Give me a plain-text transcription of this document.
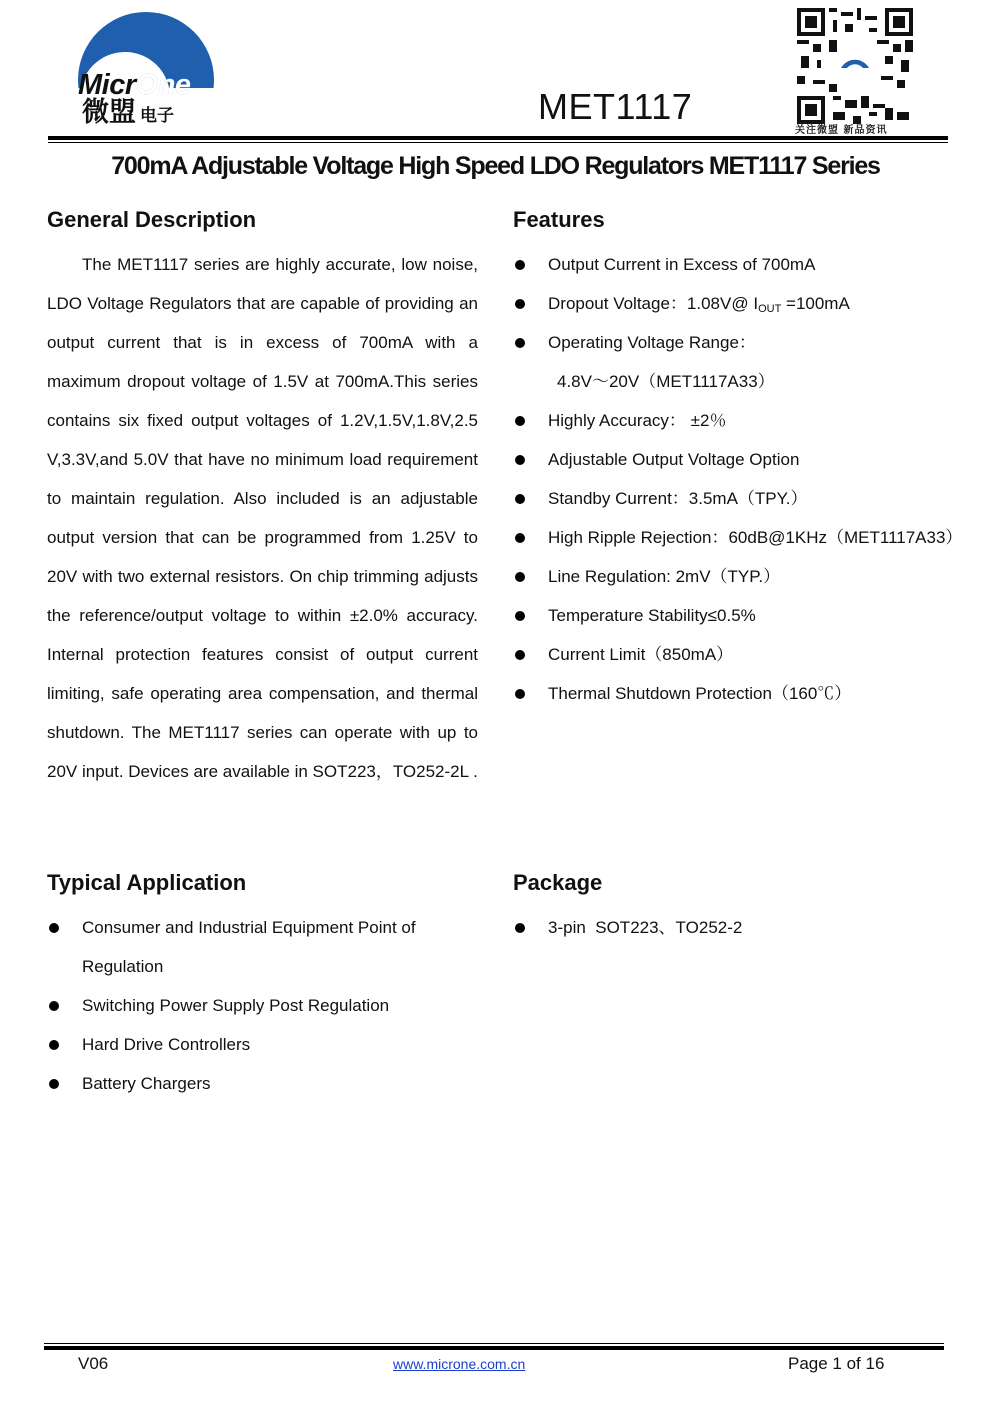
MicrOne
微盟 电子	MET1117
关注微盟 新品资讯
700mA Adjustable Voltage High Speed LDO Regulators MET1117 Series
General Description
The MET1117 series are highly accurate, low noise, LDO Voltage Regulators that are capable of providing an output current that is in excess of 700mA with a maximum dropout voltage of 1.5V at 700mA.This series contains six fixed output voltages of 1.2V,1.5V,1.8V,2.5 V,3.3V,and 5.0V that have no minimum load requirement to maintain regulation. Also included is an adjustable output version that can be programmed from 1.25V to 20V with two external resistors. On chip trimming adjusts the reference/output voltage to within ±2.0% accuracy. Internal protection features consist of output current limiting, safe operating area compensation, and thermal shutdown. The MET1117 series can operate with up to 20V input. Devices are available in SOT223，TO252-2L .
Features
Output Current in Excess of 700mA
Dropout Voltage：1.08V@ $I_{OUT} =100mA$
Operating Voltage Range：
4.8V～20V（MET1117A33）
Highly Accuracy： ±2％
Adjustable Output Voltage Option
Standby Current：3.5mA（TPY.）
High Ripple Rejection：60dB@1KHz（MET1117A33）
Line Regulation: 2mV（TYP.）
Temperature Stability≤0.5%
Current Limit（850mA）
Thermal Shutdown Protection（160℃）
Typical Application
Consumer and Industrial Equipment Point of
Regulation
Switching Power Supply Post Regulation
Hard Drive Controllers
Battery Chargers
Package
3-pin  SOT223、TO252-2
V06	www.microne.com.cn	Page 1 of 16
